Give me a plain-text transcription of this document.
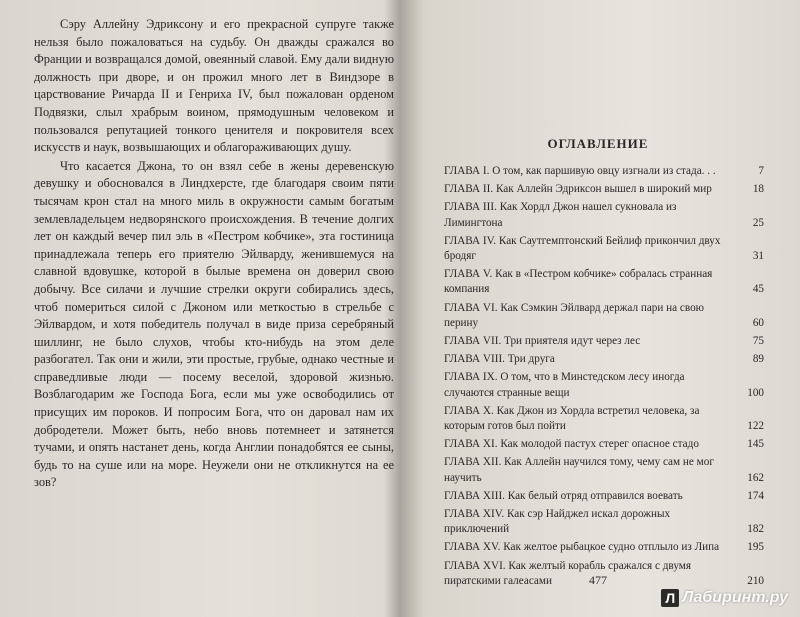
Сэру Аллейну Эдриксону и его прекрасной супруге также нельзя было пожаловаться на судьбу. Он дважды сражался во Франции и возвращался домой, овеянный славой. Ему дали видную должность при дворе, и он прожил много лет в Виндзоре в царствование Ричарда II и Генриха IV, был пожалован орденом Подвязки, слыл храбрым воином, прямодушным человеком и пользовался репутацией тонкого ценителя и покровителя всех искусств и наук, возвышающих и облагораживающих душу.

Что касается Джона, то он взял себе в жены деревенскую девушку и обосновался в Линдхерсте, где благодаря своим пяти тысячам крон стал на много миль в окружности самым богатым землевладельцем недворянского происхождения. В течение долгих лет он каждый вечер пил эль в «Пестром кобчике», эта гостиница принадлежала теперь его приятелю Эйлварду, женившемуся на славной вдовушке, которой в былые времена он доверил свою добычу. Все силачи и лучшие стрелки округи собирались здесь, чтоб помериться силой с Джоном или меткостью в стрельбе с Эйлвардом, и хотя победитель получал в виде приза серебряный шиллинг, не было слухов, чтобы кто-нибудь на этом деле разбогател. Так они и жили, эти простые, грубые, однако честные и справедливые люди — посему веселой, здоровой жизнью. Возблагодарим же Господа Бога, если мы уже освободились от присущих им пороков. И попросим Бога, что он даровал нам их добродетели. Может быть, небо вновь потемнеет и затянется тучами, и опять настанет день, когда Англии понадобятся ее сыны, будь то на суше или на море. Неужели они не откликнутся на ее зов?

ОГЛАВЛЕНИЕ
ГЛАВА I. О том, как паршивую овцу изгнали из стада. . .	7
ГЛАВА II. Как Аллейн Эдриксон вышел в широкий мир	18
ГЛАВА III. Как Хордл Джон нашел сукновала из Лимингтона	25
ГЛАВА IV. Как Саутгемптонский Бейлиф прикончил двух бродяг	31
ГЛАВА V. Как в «Пестром кобчике» собралась странная компания	45
ГЛАВА VI. Как Сэмкин Эйлвард держал пари на свою перину	60
ГЛАВА VII. Три приятеля идут через лес	75
ГЛАВА VIII. Три друга	89
ГЛАВА IX. О том, что в Минстедском лесу иногда случаются странные вещи	100
ГЛАВА X. Как Джон из Хордла встретил человека, за которым готов был пойти	122
ГЛАВА XI. Как молодой пастух стерег опасное стадо	145
ГЛАВА XII. Как Аллейн научился тому, чему сам не мог научить	162
ГЛАВА XIII. Как белый отряд отправился воевать	174
ГЛАВА XIV. Как сэр Найджел искал дорожных приключений	182
ГЛАВА XV. Как желтое рыбацкое судно отплыло из Липа	195
ГЛАВА XVI. Как желтый корабль сражался с двумя пиратскими галеасами	210
477
Л Лабиринт.ру
